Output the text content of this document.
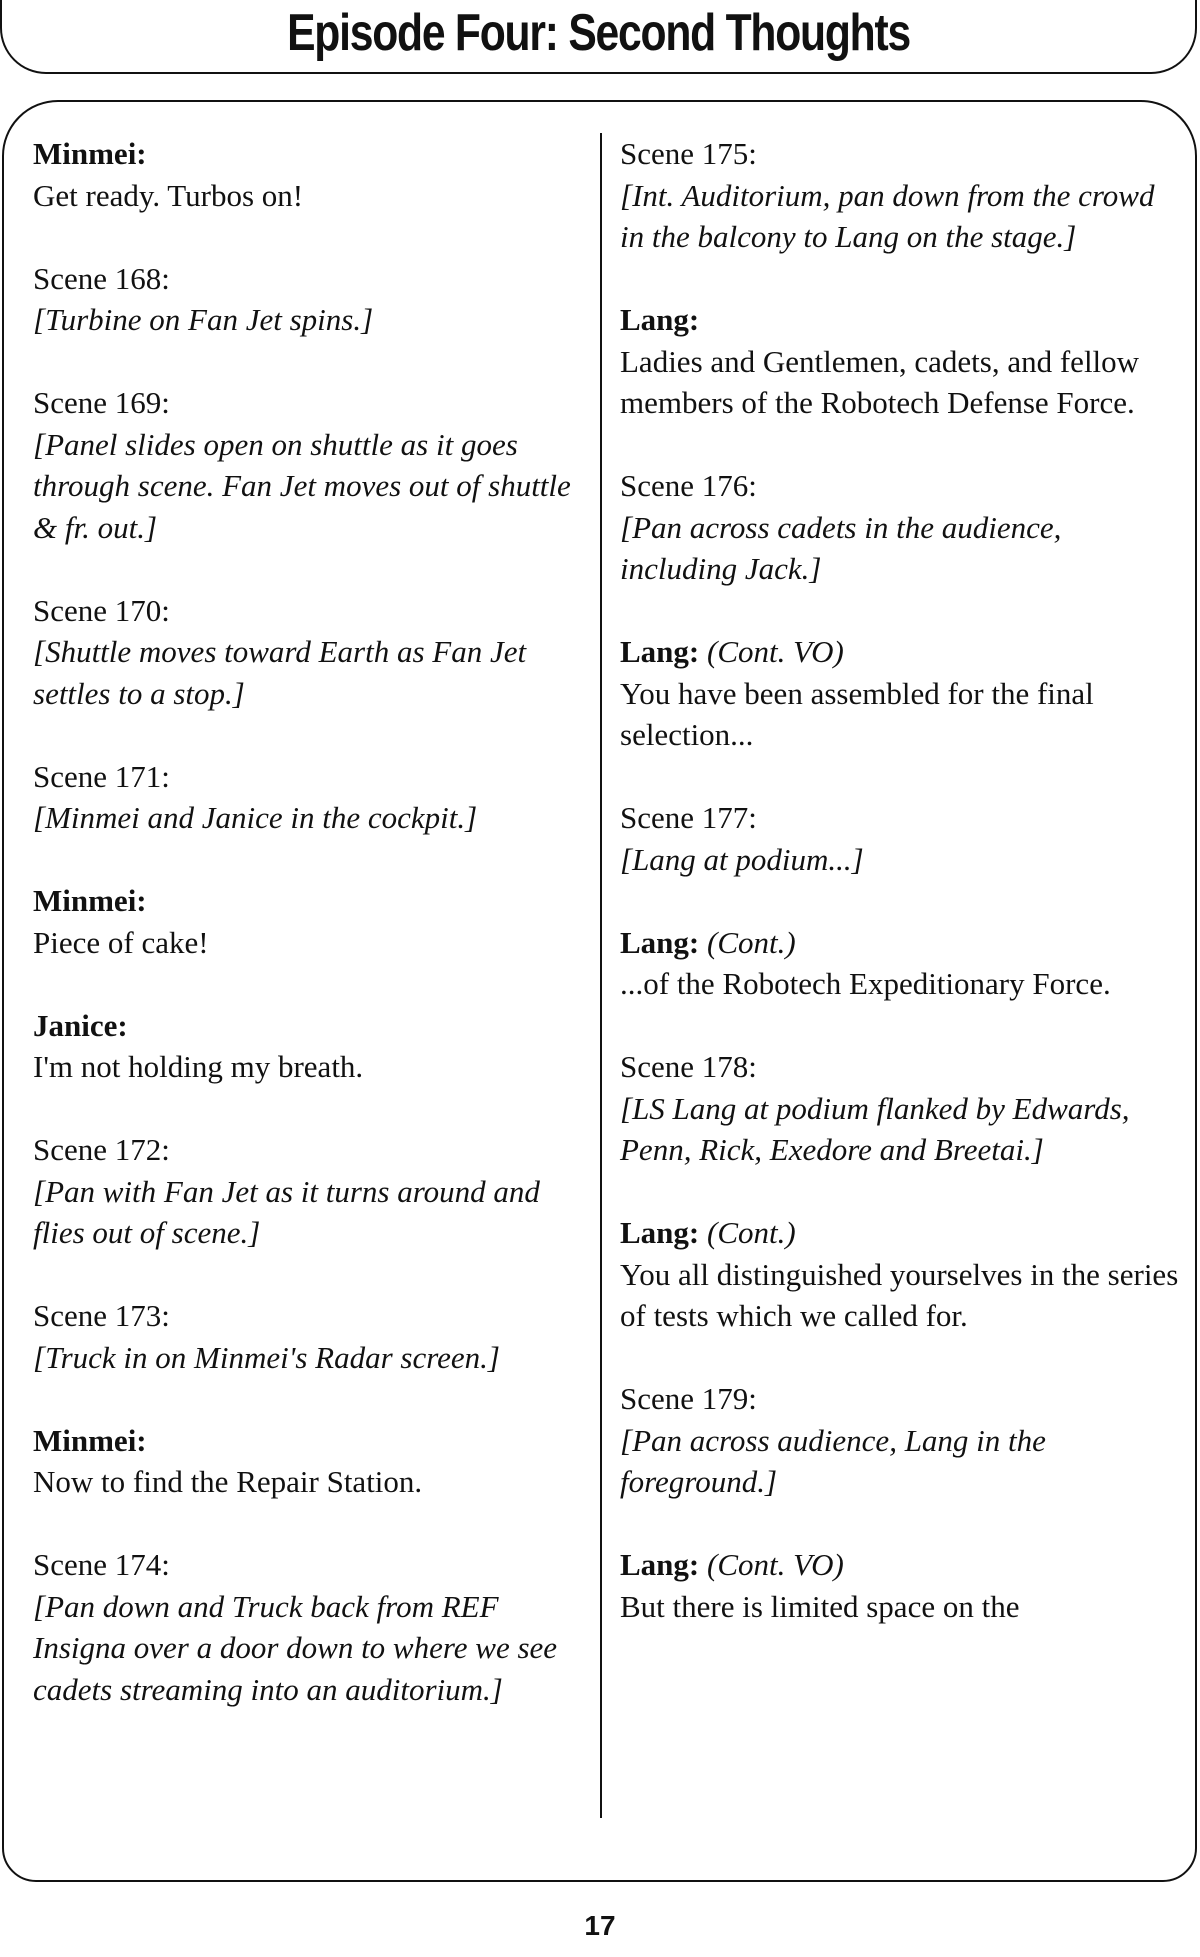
Episode Four: Second Thoughts
Minmei:
Get ready. Turbos on!
Scene 168:
[Turbine on Fan Jet spins.]
Scene 169:
[Panel slides open on shuttle as it goes through scene. Fan Jet moves out of shuttle & fr. out.]
Scene 170:
[Shuttle moves toward Earth as Fan Jet settles to a stop.]
Scene 171:
[Minmei and Janice in the cockpit.]
Minmei:
Piece of cake!
Janice:
I'm not holding my breath.
Scene 172:
[Pan with Fan Jet as it turns around and flies out of scene.]
Scene 173:
[Truck in on Minmei's Radar screen.]
Minmei:
Now to find the Repair Station.
Scene 174:
[Pan down and Truck back from REF Insigna over a door down to where we see cadets streaming into an auditorium.]
Scene 175:
[Int. Auditorium, pan down from the crowd in the balcony to Lang on the stage.]
Lang:
Ladies and Gentlemen, cadets, and fellow members of the Robotech Defense Force.
Scene 176:
[Pan across cadets in the audience, including Jack.]
Lang: (Cont. VO)
You have been assembled for the final selection...
Scene 177:
[Lang at podium...]
Lang: (Cont.)
...of the Robotech Expeditionary Force.
Scene 178:
[LS Lang at podium flanked by Edwards, Penn, Rick, Exedore and Breetai.]
Lang: (Cont.)
You all distinguished yourselves in the series of tests which we called for.
Scene 179:
[Pan across audience, Lang in the foreground.]
Lang: (Cont. VO)
But there is limited space on the
17
